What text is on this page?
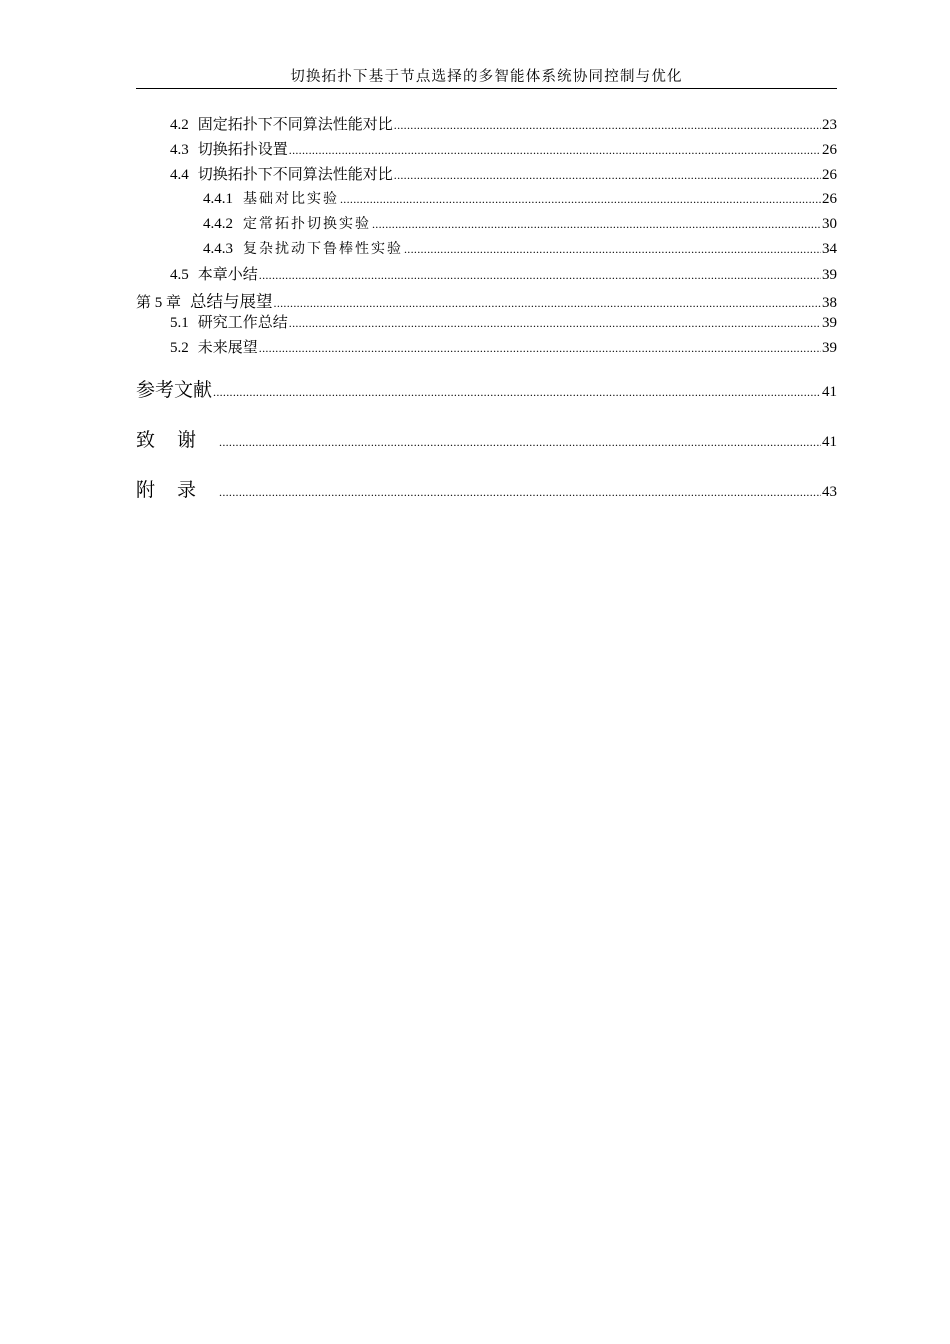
切换拓扑下基于节点选择的多智能体系统协同控制与优化
4.2 固定拓扑下不同算法性能对比 .....	23
4.3 切换拓扑设置 .....	26
4.4 切换拓扑下不同算法性能对比 .....	26
4.4.1 基础对比实验 .....	26
4.4.2 定常拓扑切换实验 .....	30
4.4.3 复杂扰动下鲁棒性实验 .....	34
4.5 本章小结 .....	39
第 5 章 总结与展望 .....	38
5.1 研究工作总结 .....	39
5.2 未来展望 .....	39
参考文献 .....	41
致谢 .....	41
附录 .....	43
